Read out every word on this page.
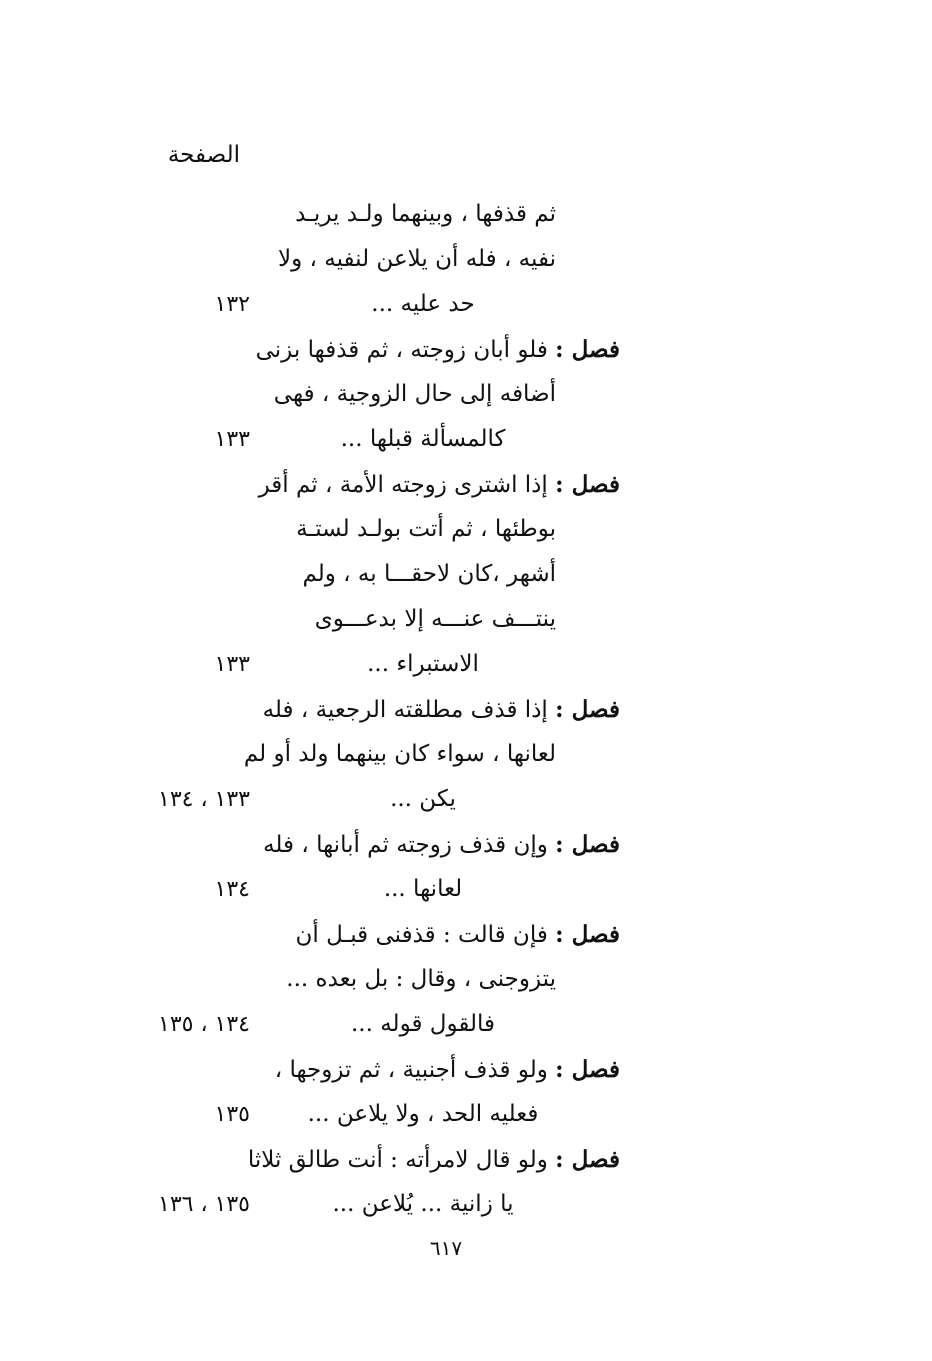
الصفحة
ثم قذفها ، وبينهما ولـد يريـد
نفيه ، فله أن يلاعن لنفيه ، ولا
حد عليه ...
١٣٢
فصل : فلو أبان زوجته ، ثم قذفها بزنى
أضافه إلى حال الزوجية ، فهى
كالمسألة قبلها ...
١٣٣
فصل : إذا اشترى زوجته الأمة ، ثم أقر
بوطئها ، ثم أتت بولـد لستـة
أشهر ،كان لاحقـــا به ، ولم
ينتـــف عنـــه إلا بدعـــوى
الاستبراء ...
١٣٣
فصل : إذا قذف مطلقته الرجعية ، فله
لعانها ، سواء كان بينهما ولد أو لم
يكن ...
١٣٣ ، ١٣٤
فصل : وإن قذف زوجته ثم أبانها ، فله
لعانها ...
١٣٤
فصل : فإن قالت : قذفنى قبـل أن
يتزوجنى ، وقال : بل بعده ...
فالقول قوله ...
١٣٤ ، ١٣٥
فصل : ولو قذف أجنبية ، ثم تزوجها ،
فعليه الحد ، ولا يلاعن ...
١٣٥
فصل : ولو قال لامرأته : أنت طالق ثلاثا
يا زانية ... يُلاعن ...
١٣٥ ، ١٣٦
٦١٧
